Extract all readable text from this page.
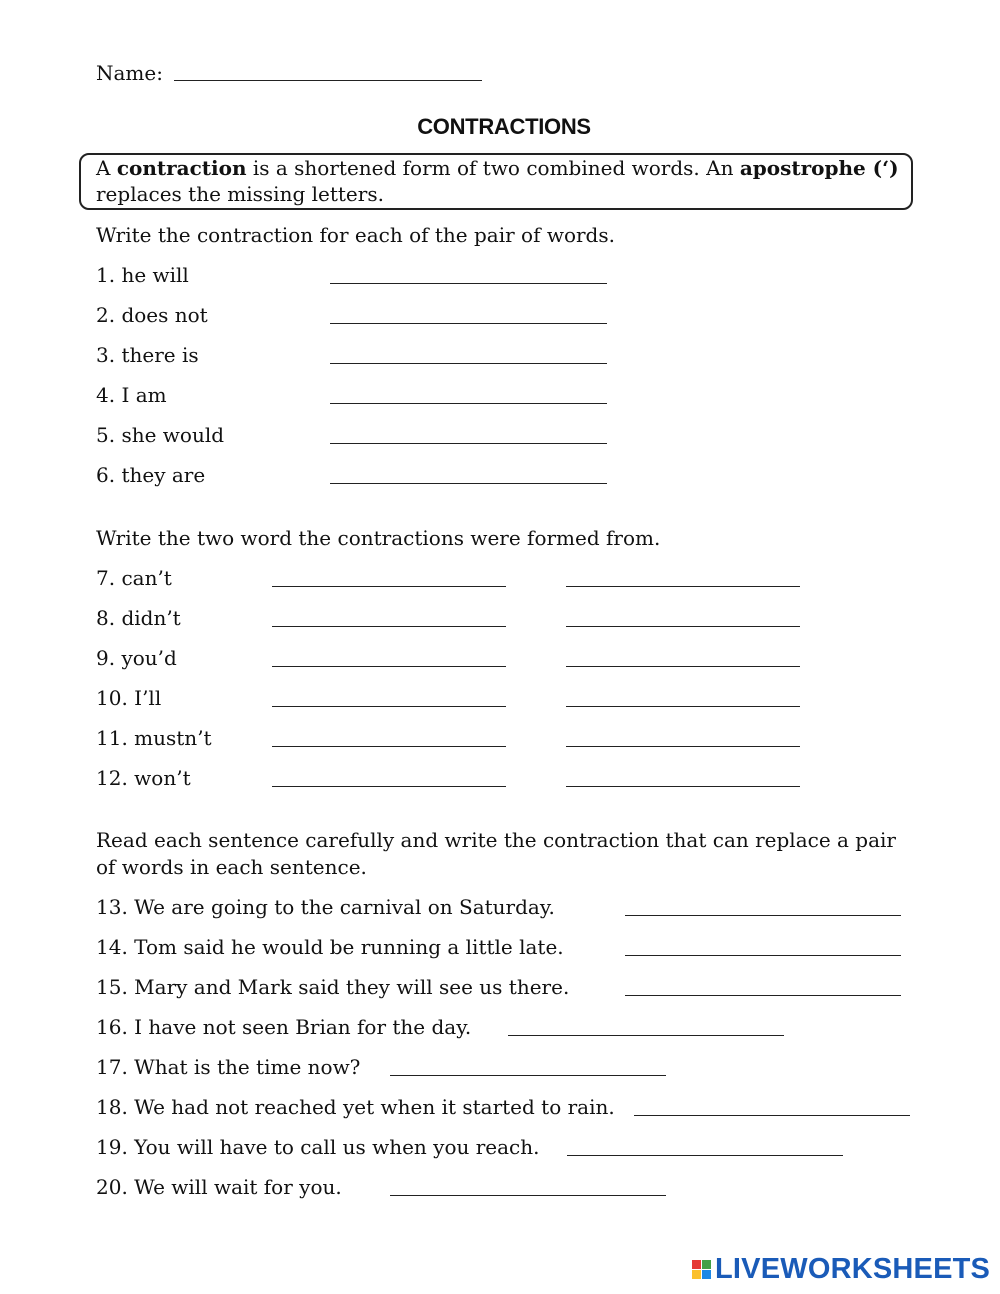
Name:
CONTRACTIONS
A contraction is a shortened form of two combined words. An apostrophe (‘)
replaces the missing letters.
Write the contraction for each of the pair of words.
1. he will
2. does not
3. there is
4. I am
5. she would
6. they are
Write the two word the contractions were formed from.
7. can’t
8. didn’t
9. you’d
10. I’ll
11. mustn’t
12. won’t
Read each sentence carefully and write the contraction that can replace a pair
of words in each sentence.
13. We are going to the carnival on Saturday.
14. Tom said he would be running a little late.
15. Mary and Mark said they will see us there.
16. I have not seen Brian for the day.
17. What is the time now?
18. We had not reached yet when it started to rain.
19. You will have to call us when you reach.
20. We will wait for you.
LIVEWORKSHEETS
